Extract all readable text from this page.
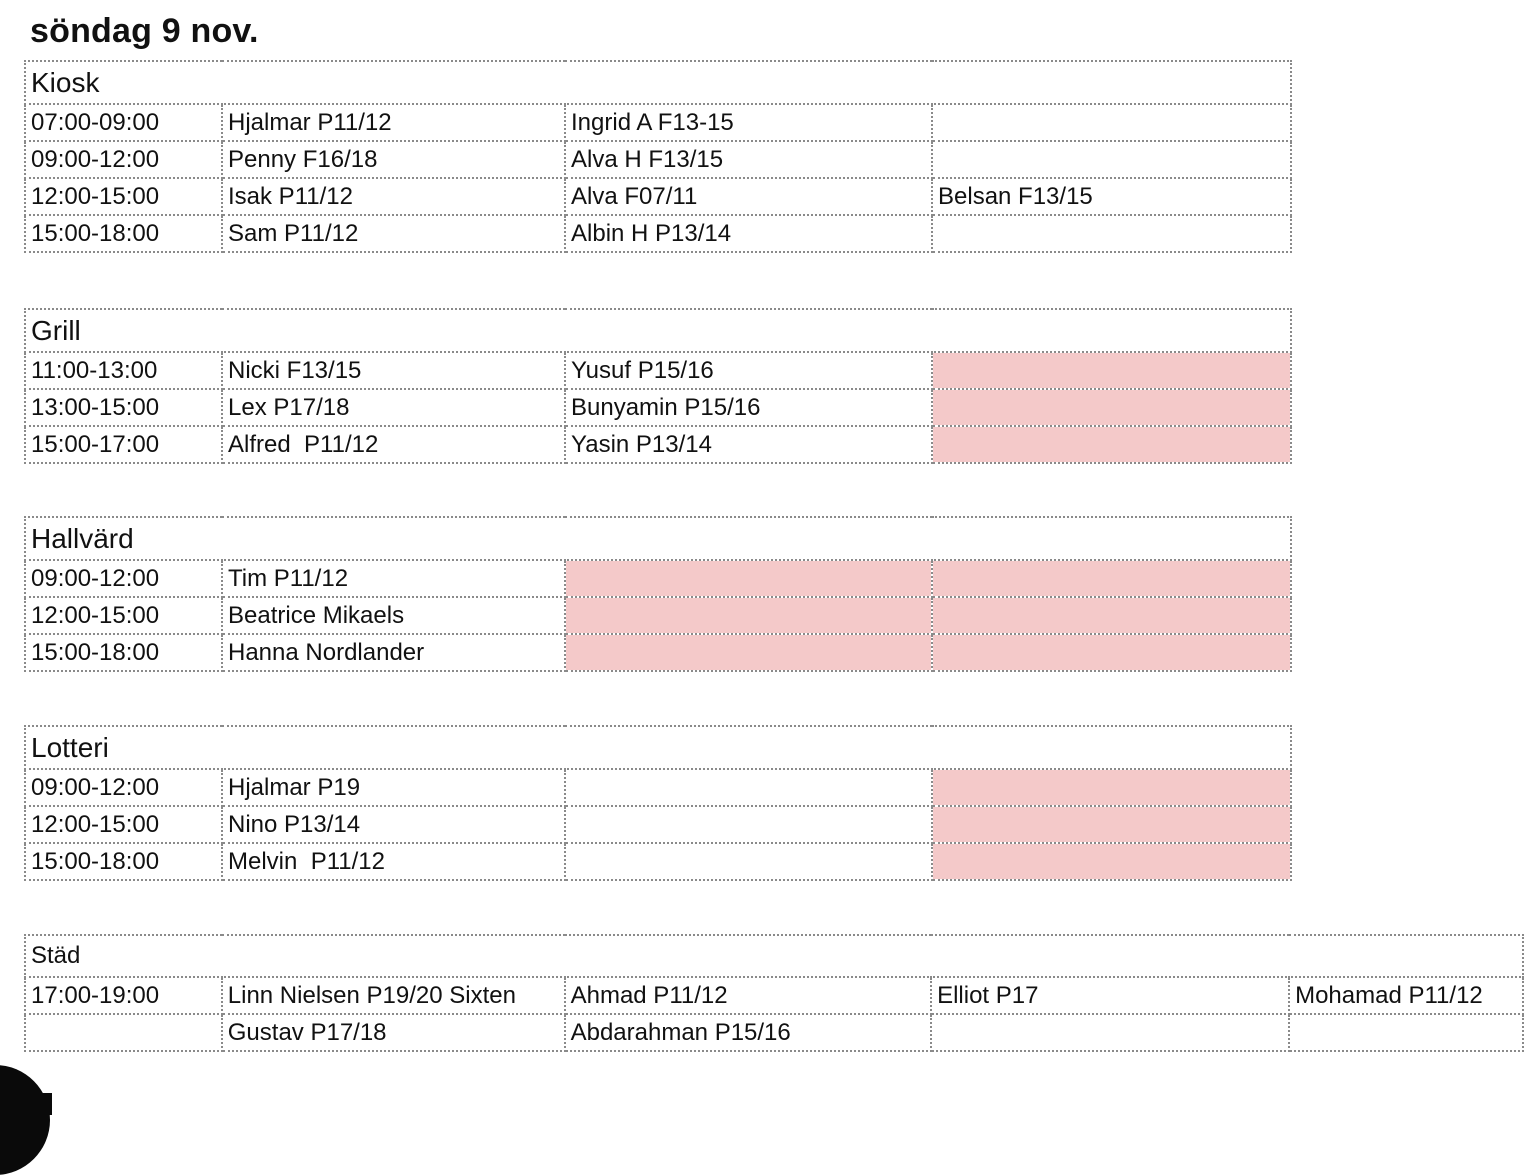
söndag 9 nov.
Kiosk			
07:00-09:00	Hjalmar P11/12	Ingrid A F13-15	
09:00-12:00	Penny F16/18	Alva H F13/15	
12:00-15:00	Isak P11/12	Alva F07/11	Belsan F13/15
15:00-18:00	Sam P11/12	Albin H P13/14	
Grill			
11:00-13:00	Nicki F13/15	Yusuf P15/16	
13:00-15:00	Lex P17/18	Bunyamin P15/16	
15:00-17:00	Alfred  P11/12	Yasin P13/14	
Hallvärd			
09:00-12:00	Tim P11/12		
12:00-15:00	Beatrice Mikaels		
15:00-18:00	Hanna Nordlander		
Lotteri			
09:00-12:00	Hjalmar P19		
12:00-15:00	Nino P13/14		
15:00-18:00	Melvin  P11/12		
Städ				
17:00-19:00	Linn Nielsen P19/20 Sixten	Ahmad P11/12	Elliot P17	Mohamad P11/12
	Gustav P17/18	Abdarahman P15/16		
